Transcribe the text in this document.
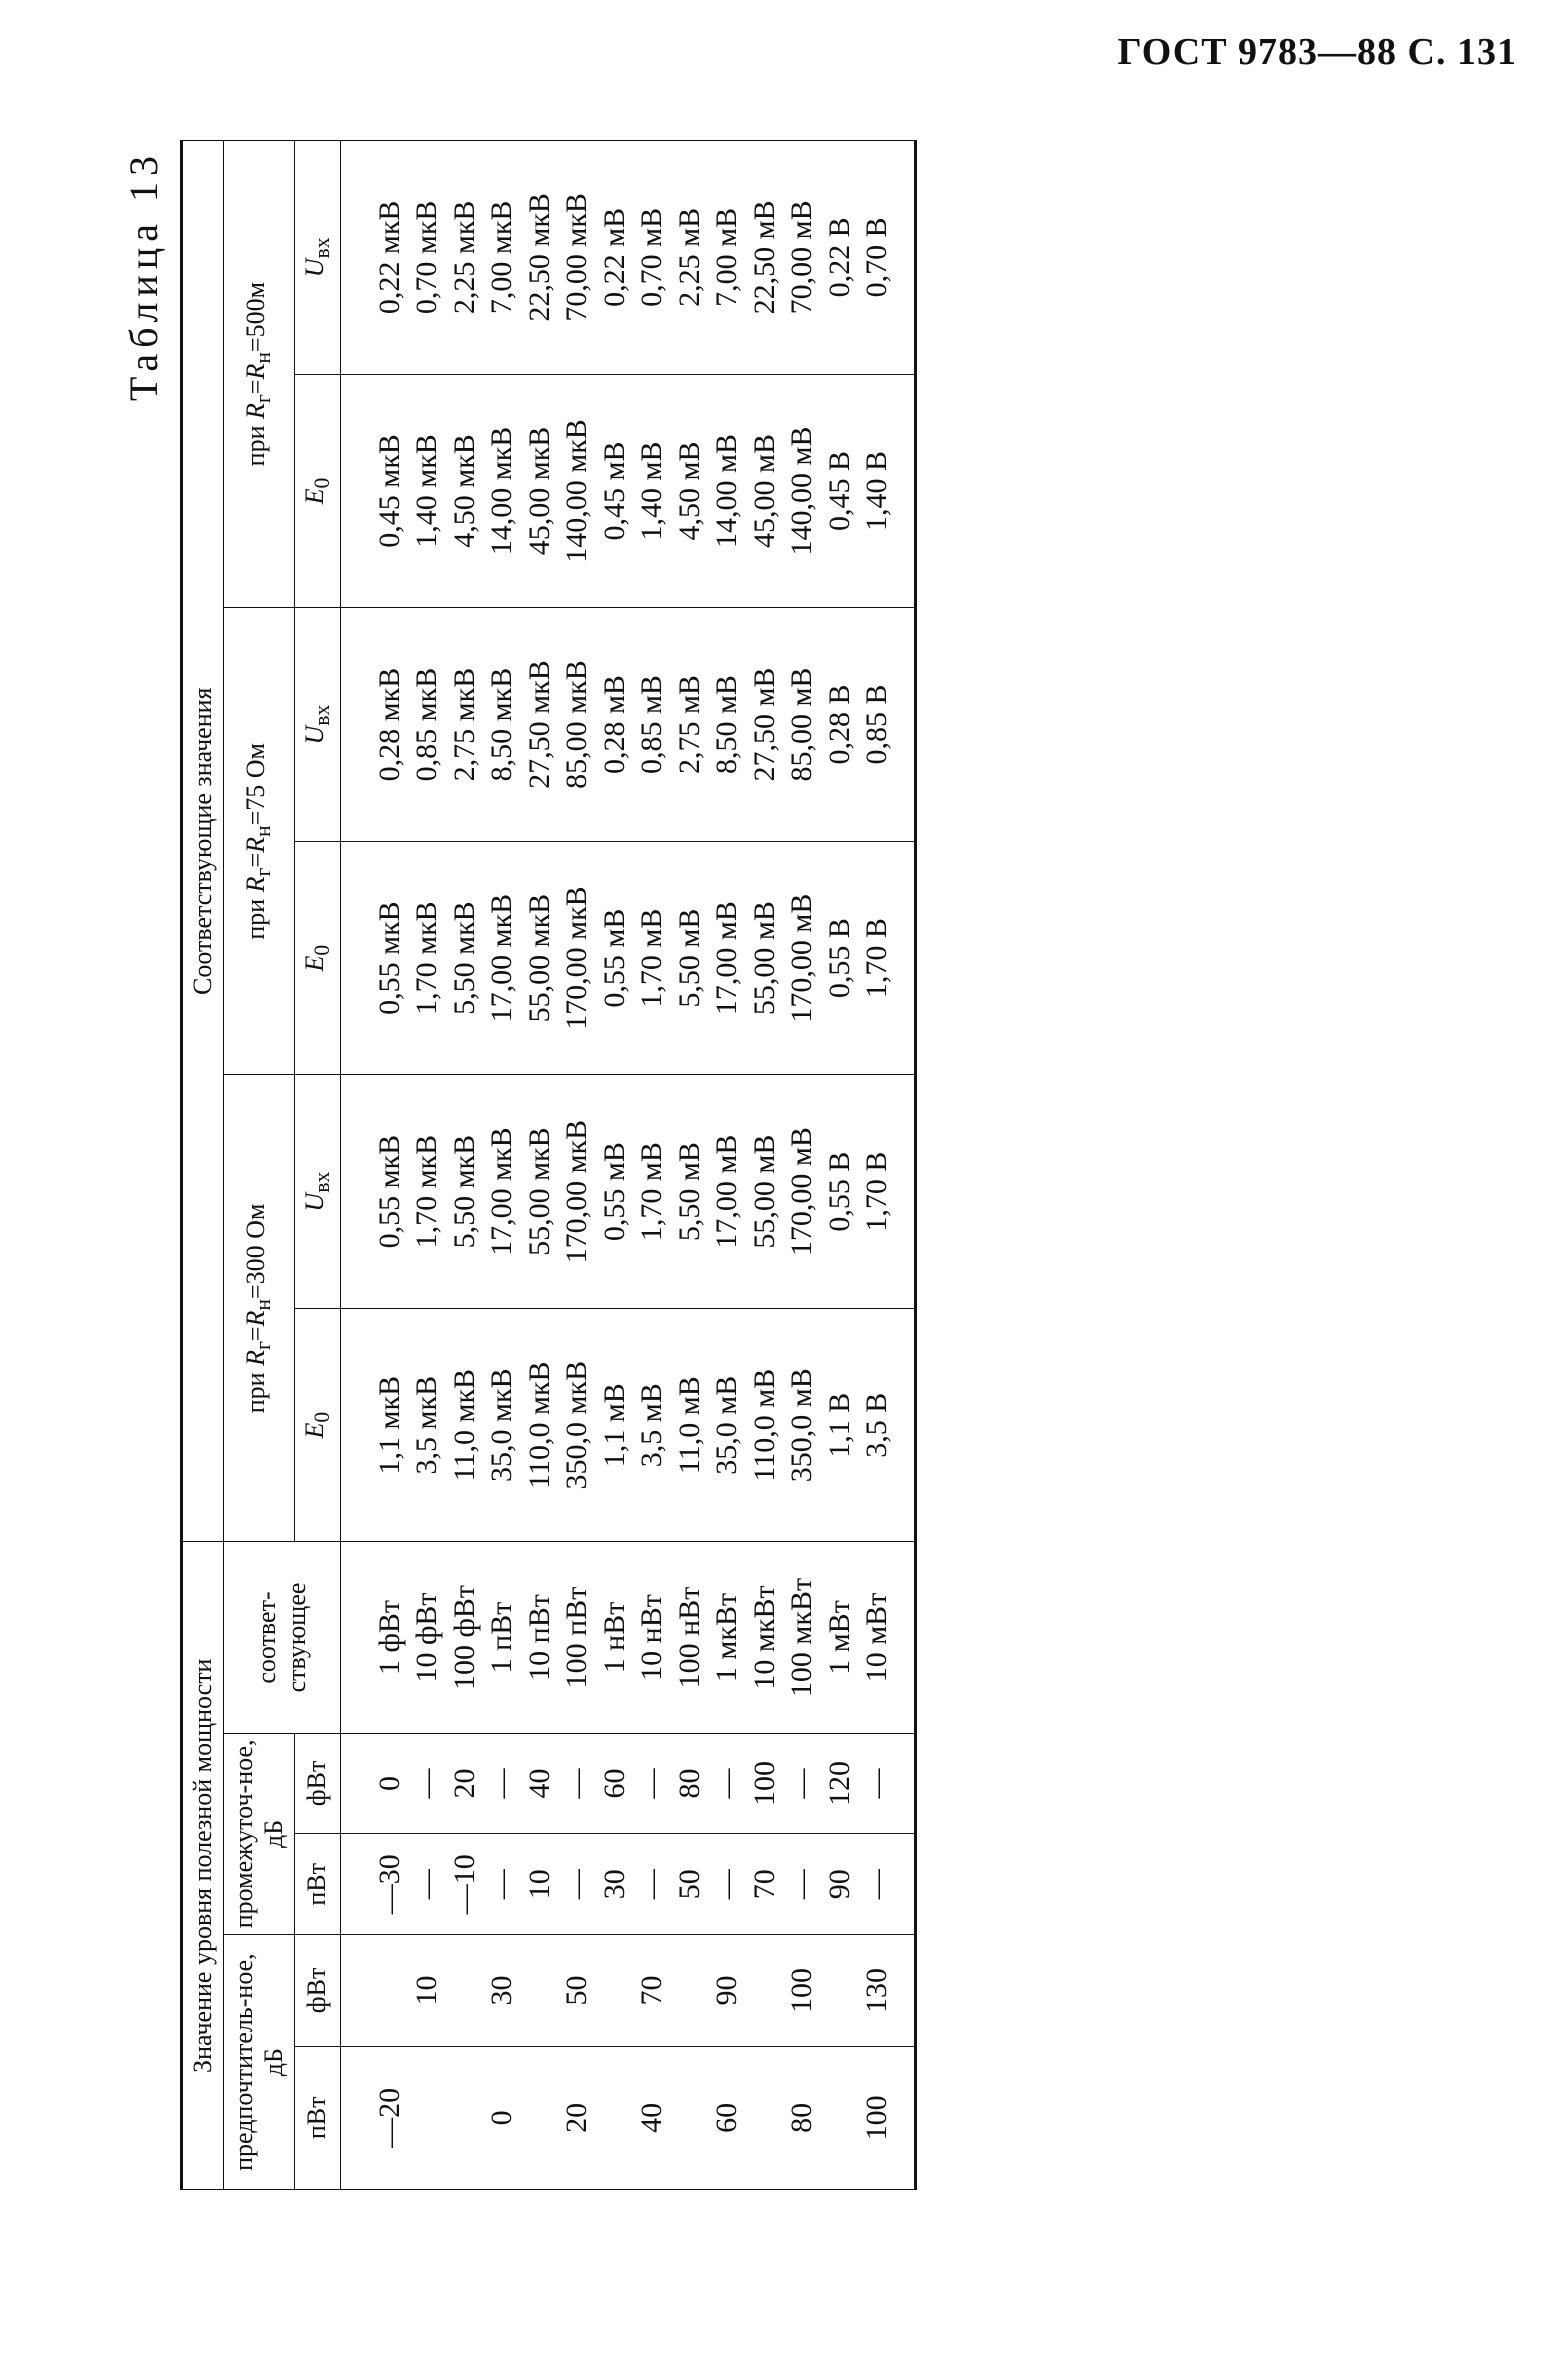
ГОСТ 9783—88 С. 131
Таблица 13
Значение уровня полезной мощности					Соответствующие значения					
предпочтитель-ное, дБ		промежуточ-ное, дБ		соответ-ствующее	при $R_г=R_н=300$ Ом		при $R_г=R_н=75$ Ом		при $R_г=R_н=500м$	
пВт	фВт	пВт	фВт		$E_0$	$U_{вх}$	$E_0$	$U_{вх}$	$E_0$	$U_{вх}$
—20		—30	0	1 фВт	1,1 мкВ	0,55 мкВ	0,55 мкВ	0,28 мкВ	0,45 мкВ	0,22 мкВ
	10	—	—	10 фВт	3,5 мкВ	1,70 мкВ	1,70 мкВ	0,85 мкВ	1,40 мкВ	0,70 мкВ
		—10	20	100 фВт	11,0 мкВ	5,50 мкВ	5,50 мкВ	2,75 мкВ	4,50 мкВ	2,25 мкВ
0	30	—	—	1 пВт	35,0 мкВ	17,00 мкВ	17,00 мкВ	8,50 мкВ	14,00 мкВ	7,00 мкВ
		10	40	10 пВт	110,0 мкВ	55,00 мкВ	55,00 мкВ	27,50 мкВ	45,00 мкВ	22,50 мкВ
20	50	—	—	100 пВт	350,0 мкВ	170,00 мкВ	170,00 мкВ	85,00 мкВ	140,00 мкВ	70,00 мкВ
		30	60	1 нВт	1,1 мВ	0,55 мВ	0,55 мВ	0,28 мВ	0,45 мВ	0,22 мВ
40	70	—	—	10 нВт	3,5 мВ	1,70 мВ	1,70 мВ	0,85 мВ	1,40 мВ	0,70 мВ
		50	80	100 нВт	11,0 мВ	5,50 мВ	5,50 мВ	2,75 мВ	4,50 мВ	2,25 мВ
60	90	—	—	1 мкВт	35,0 мВ	17,00 мВ	17,00 мВ	8,50 мВ	14,00 мВ	7,00 мВ
		70	100	10 мкВт	110,0 мВ	55,00 мВ	55,00 мВ	27,50 мВ	45,00 мВ	22,50 мВ
80	100	—	—	100 мкВт	350,0 мВ	170,00 мВ	170,00 мВ	85,00 мВ	140,00 мВ	70,00 мВ
		90	120	1 мВт	1,1 В	0,55 В	0,55 В	0,28 В	0,45 В	0,22 В
100	130	—	—	10 мВт	3,5 В	1,70 В	1,70 В	0,85 В	1,40 В	0,70 В
